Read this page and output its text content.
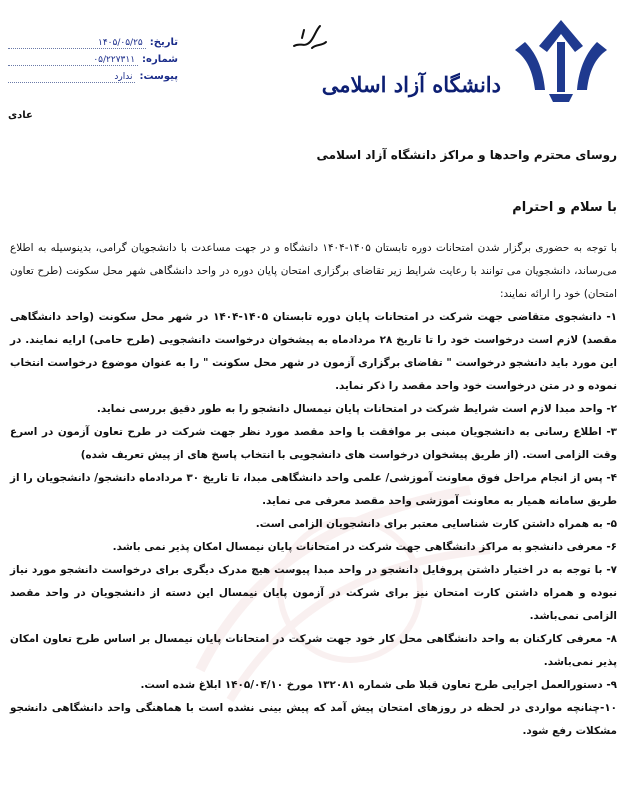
دانشگاه آزاد اسلامی
تاریخ:
۱۴۰۵/۰۵/۲۵
شماره:
۰۵/۲۲۷۳۱۱
پیوست:
ندارد
عادی
روسای محترم واحدها و مراکز دانشگاه آزاد اسلامی
با سلام و احترام

با توجه به حضوری برگزار شدن امتحانات دوره تابستان ۱۴۰۵-۱۴۰۴ دانشگاه و در جهت مساعدت با دانشجویان گرامی، بدینوسیله به اطلاع می‌رساند، دانشجویان می توانند با رعایت شرایط زیر تقاضای برگزاری امتحان پایان دوره در واحد دانشگاهی شهر محل سکونت (طرح تعاون امتحان) خود را ارائه نمایند:

۱- دانشجوی متقاضی جهت شرکت در امتحانات پایان دوره تابستان ۱۴۰۵-۱۴۰۴ در شهر محل سکونت (واحد دانشگاهی مقصد) لازم است درخواست خود را تا تاریخ ۲۸ مردادماه به پیشخوان درخواست دانشجویی (طرح حامی) ارایه نمایند. در این مورد باید دانشجو درخواست " تقاضای برگزاری آزمون در شهر محل سکونت " را به عنوان موضوع درخواست انتخاب نموده و در متن درخواست خود واحد مقصد را ذکر نماید.

۲- واحد مبدا لازم است شرایط شرکت در امتحانات پایان نیمسال دانشجو را به طور دقیق بررسی نماید.

۳- اطلاع رسانی به دانشجویان مبنی بر موافقت با واحد مقصد مورد نظر جهت شرکت در طرح تعاون آزمون در اسرع وقت الزامی است. (از طریق پیشخوان درخواست های دانشجویی با انتخاب پاسخ های از پیش تعریف شده)

۴- پس از انجام مراحل فوق معاونت آموزشی/ علمی واحد دانشگاهی مبدا، تا تاریخ ۳۰ مردادماه دانشجو/ دانشجویان را از طریق سامانه همیار به معاونت آموزشی واحد مقصد معرفی می نماید.

۵- به همراه داشتن کارت شناسایی معتبر برای دانشجویان الزامی است.

۶- معرفی دانشجو به مراکز دانشگاهی جهت شرکت در امتحانات پایان نیمسال امکان پذیر نمی باشد.

۷- با توجه به در اختیار داشتن پروفایل دانشجو در واحد مبدا پیوست هیچ مدرک دیگری برای درخواست دانشجو مورد نیاز نبوده و همراه داشتن کارت امتحان نیز برای شرکت در آزمون پایان نیمسال این دسته از دانشجویان در واحد مقصد الزامی نمی‌باشد.

۸- معرفی کارکنان به واحد دانشگاهی محل کار خود جهت شرکت در امتحانات پایان نیمسال بر اساس طرح تعاون امکان پذیر نمی‌باشد.

۹- دستورالعمل اجرایی طرح تعاون قبلا طی شماره ۱۳۲۰۸۱ مورخ ۱۴۰۵/۰۴/۱۰ ابلاغ شده است.

۱۰-چنانچه مواردی در لحظه در روزهای امتحان پیش آمد که پیش بینی نشده است با هماهنگی واحد دانشگاهی دانشجو مشکلات رفع شود.
